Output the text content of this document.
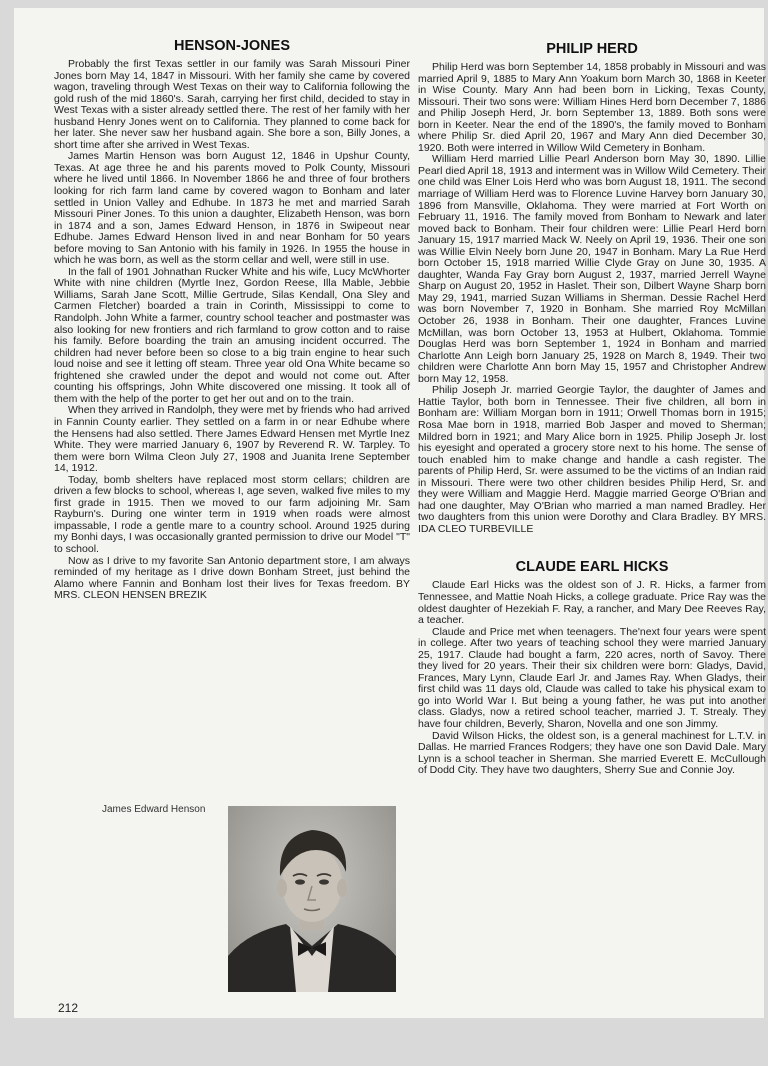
HENSON-JONES

Probably the first Texas settler in our family was Sarah Missouri Piner Jones born May 14, 1847 in Missouri. With her family she came by covered wagon, traveling through West Texas on their way to California following the gold rush of the mid 1860's. Sarah, carrying her first child, decided to stay in West Texas with a sister already settled there. The rest of her family with her husband Henry Jones went on to California. They planned to come back for her later. She never saw her husband again. She bore a son, Billy Jones, a short time after she arrived in West Texas.

James Martin Henson was born August 12, 1846 in Upshur County, Texas. At age three he and his parents moved to Polk County, Missouri where he lived until 1866. In November 1866 he and three of four brothers looking for rich farm land came by covered wagon to Bonham and later settled in Union Valley and Edhube. In 1873 he met and married Sarah Missouri Piner Jones. To this union a daughter, Elizabeth Henson, was born in 1874 and a son, James Edward Henson, in 1876 in Swipeout near Edhube. James Edward Henson lived in and near Bonham for 50 years before moving to San Antonio with his family in 1926. In 1955 the house in which he was born, as well as the storm cellar and well, were still in use.

In the fall of 1901 Johnathan Rucker White and his wife, Lucy McWhorter White with nine children (Myrtle Inez, Gordon Reese, Illa Mable, Jebbie Williams, Sarah Jane Scott, Millie Gertrude, Silas Kendall, Ona Sley and Carmen Fletcher) boarded a train in Corinth, Mississippi to come to Randolph. John White a farmer, country school teacher and postmaster was also looking for new frontiers and rich farmland to grow cotton and to raise his family. Before boarding the train an amusing incident occurred. The children had never before been so close to a big train engine to hear such loud noise and see it letting off steam. Three year old Ona White became so frightened she crawled under the depot and would not come out. After counting his offsprings, John White discovered one missing. It took all of them with the help of the porter to get her out and on to the train.

When they arrived in Randolph, they were met by friends who had arrived in Fannin County earlier. They settled on a farm in or near Edhube where the Hensens had also settled. There James Edward Hensen met Myrtle Inez White. They were married January 6, 1907 by Reverend R. W. Tarpley. To them were born Wilma Cleon July 27, 1908 and Juanita Irene September 14, 1912.

Today, bomb shelters have replaced most storm cellars; children are driven a few blocks to school, whereas I, age seven, walked five miles to my first grade in 1915. Then we moved to our farm adjoining Mr. Sam Rayburn's. During one winter term in 1919 when roads were almost impassable, I rode a gentle mare to a country school. Around 1925 during my Bonhi days, I was occasionally granted permission to drive our Model "T" to school.

Now as I drive to my favorite San Antonio department store, I am always reminded of my heritage as I drive down Bonham Street, just behind the Alamo where Fannin and Bonham lost their lives for Texas freedom. BY MRS. CLEON HENSEN BREZIK

PHILIP HERD

Philip Herd was born September 14, 1858 probably in Missouri and was married April 9, 1885 to Mary Ann Yoakum born March 30, 1868 in Keeter in Wise County. Mary Ann had been born in Licking, Texas County, Missouri. Their two sons were: William Hines Herd born December 7, 1886 and Philip Joseph Herd, Jr. born September 13, 1889. Both sons were born in Keeter. Near the end of the 1890's, the family moved to Bonham where Philip Sr. died April 20, 1967 and Mary Ann died December 30, 1920. Both were interred in Willow Wild Cemetery in Bonham.

William Herd married Lillie Pearl Anderson born May 30, 1890. Lillie Pearl died April 18, 1913 and interment was in Willow Wild Cemetery. Their one child was Elner Lois Herd who was born August 18, 1911. The second marriage of William Herd was to Florence Luvine Harvey born January 30, 1896 from Mansville, Oklahoma. They were married at Fort Worth on February 11, 1916. The family moved from Bonham to Newark and later moved back to Bonham. Their four children were: Lillie Pearl Herd born January 15, 1917 married Mack W. Neely on April 19, 1936. Their one son was Willie Elvin Neely born June 20, 1947 in Bonham. Mary La Rue Herd born October 15, 1918 married Willie Clyde Gray on June 30, 1935. A daughter, Wanda Fay Gray born August 2, 1937, married Jerrell Wayne Sharp on August 20, 1952 in Haslet. Their son, Dilbert Wayne Sharp born May 29, 1941, married Suzan Williams in Sherman. Dessie Rachel Herd was born November 7, 1920 in Bonham. She married Roy McMillan October 26, 1938 in Bonham. Their one daughter, Frances Luvine McMillan, was born October 13, 1953 at Hulbert, Oklahoma. Tommie Douglas Herd was born September 1, 1924 in Bonham and married Charlotte Ann Leigh born January 25, 1928 on March 8, 1949. Their two children were Charlotte Ann born May 15, 1957 and Christopher Andrew born May 12, 1958.

Philip Joseph Jr. married Georgie Taylor, the daughter of James and Hattie Taylor, both born in Tennessee. Their five children, all born in Bonham are: William Morgan born in 1911; Orwell Thomas born in 1915; Rosa Mae born in 1918, married Bob Jasper and moved to Sherman; Mildred born in 1921; and Mary Alice born in 1925. Philip Joseph Jr. lost his eyesight and operated a grocery store next to his home. The sense of touch enabled him to make change and handle a cash register. The parents of Philip Herd, Sr. were assumed to be the victims of an Indian raid in Missouri. There were two other children besides Philip Herd, Sr. and they were William and Maggie Herd. Maggie married George O'Brian and had one daughter, May O'Brian who married a man named Bradley. Her two daughters from this union were Dorothy and Clara Bradley. BY MRS. IDA CLEO TURBEVILLE

CLAUDE EARL HICKS

Claude Earl Hicks was the oldest son of J. R. Hicks, a farmer from Tennessee, and Mattie Noah Hicks, a college graduate. Price Ray was the oldest daughter of Hezekiah F. Ray, a rancher, and Mary Dee Reeves Ray, a teacher.

Claude and Price met when teenagers. The'next four years were spent in college. After two years of teaching school they were married January 25, 1917. Claude had bought a farm, 220 acres, north of Savoy. There they lived for 20 years. Their their six children were born: Gladys, David, Frances, Mary Lynn, Claude Earl Jr. and James Ray. When Gladys, their first child was 11 days old, Claude was called to take his physical exam to go into World War I. But being a young father, he was put into another class. Gladys, now a retired school teacher, married J. T. Strealy. They have four children, Beverly, Sharon, Novella and one son Jimmy.

David Wilson Hicks, the oldest son, is a general machinest for L.T.V. in Dallas. He married Frances Rodgers; they have one son David Dale. Mary Lynn is a school teacher in Sherman. She married Everett E. McCullough of Dodd City. They have two daughters, Sherry Sue and Connie Joy.

James Edward Henson
212
